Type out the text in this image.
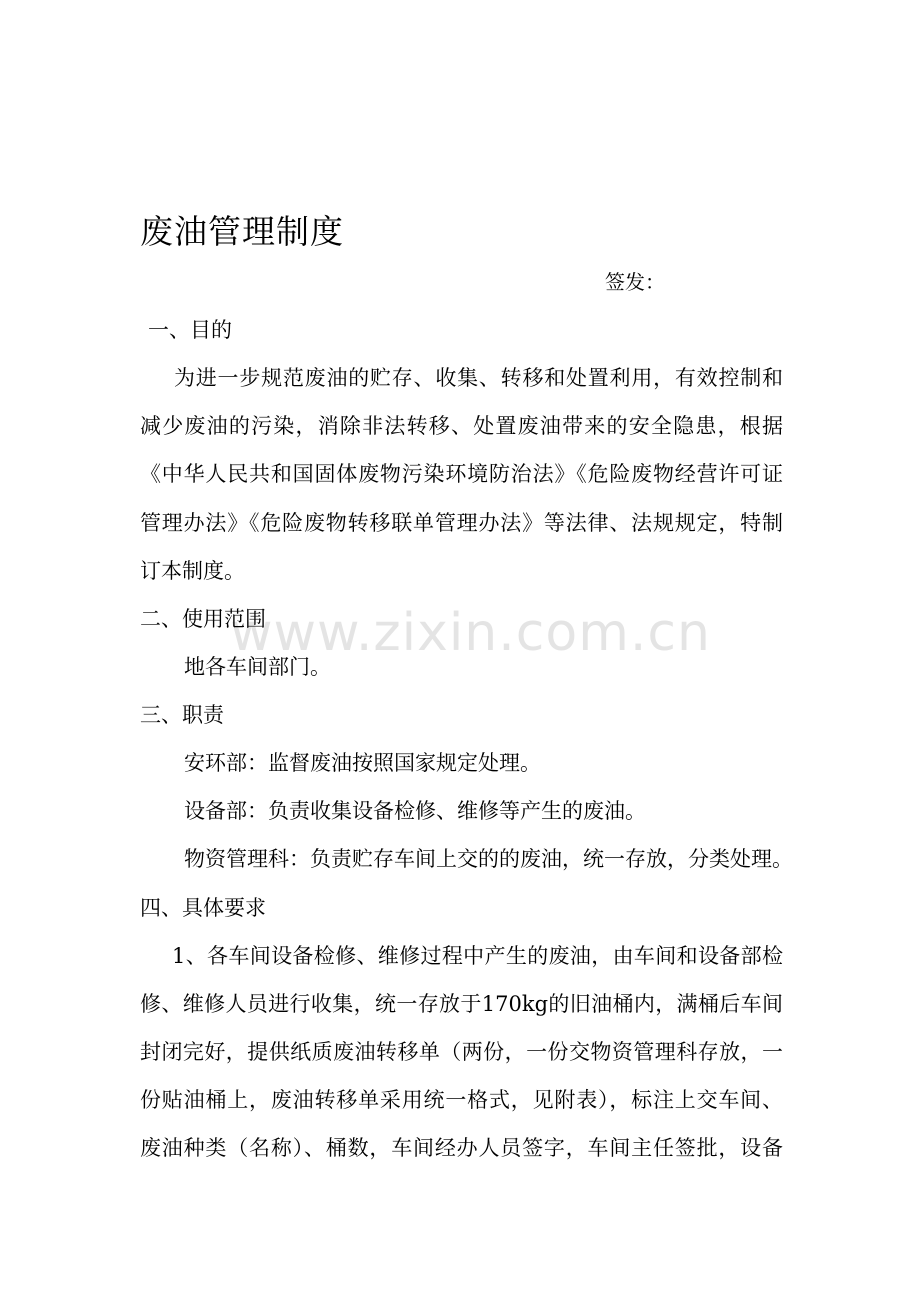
www.zixin.com.cn
废油管理制度
签发：
一、目的
为进一步规范废油的贮存、收集、转移和处置利用，有效控制和
减少废油的污染，消除非法转移、处置废油带来的安全隐患，根据
《中华人民共和国固体废物污染环境防治法》《危险废物经营许可证
管理办法》《危险废物转移联单管理办法》等法律、法规规定，特制
订本制度。
二、使用范围
地各车间部门。
三、职责
安环部：监督废油按照国家规定处理。
设备部：负责收集设备检修、维修等产生的废油。
物资管理科：负责贮存车间上交的的废油，统一存放，分类处理。
四、具体要求
1、各车间设备检修、维修过程中产生的废油，由车间和设备部检
修、维修人员进行收集，统一存放于170kg的旧油桶内，满桶后车间
封闭完好，提供纸质废油转移单（两份，一份交物资管理科存放，一
份贴油桶上，废油转移单采用统一格式，见附表），标注上交车间、
废油种类（名称）、桶数，车间经办人员签字，车间主任签批，设备
